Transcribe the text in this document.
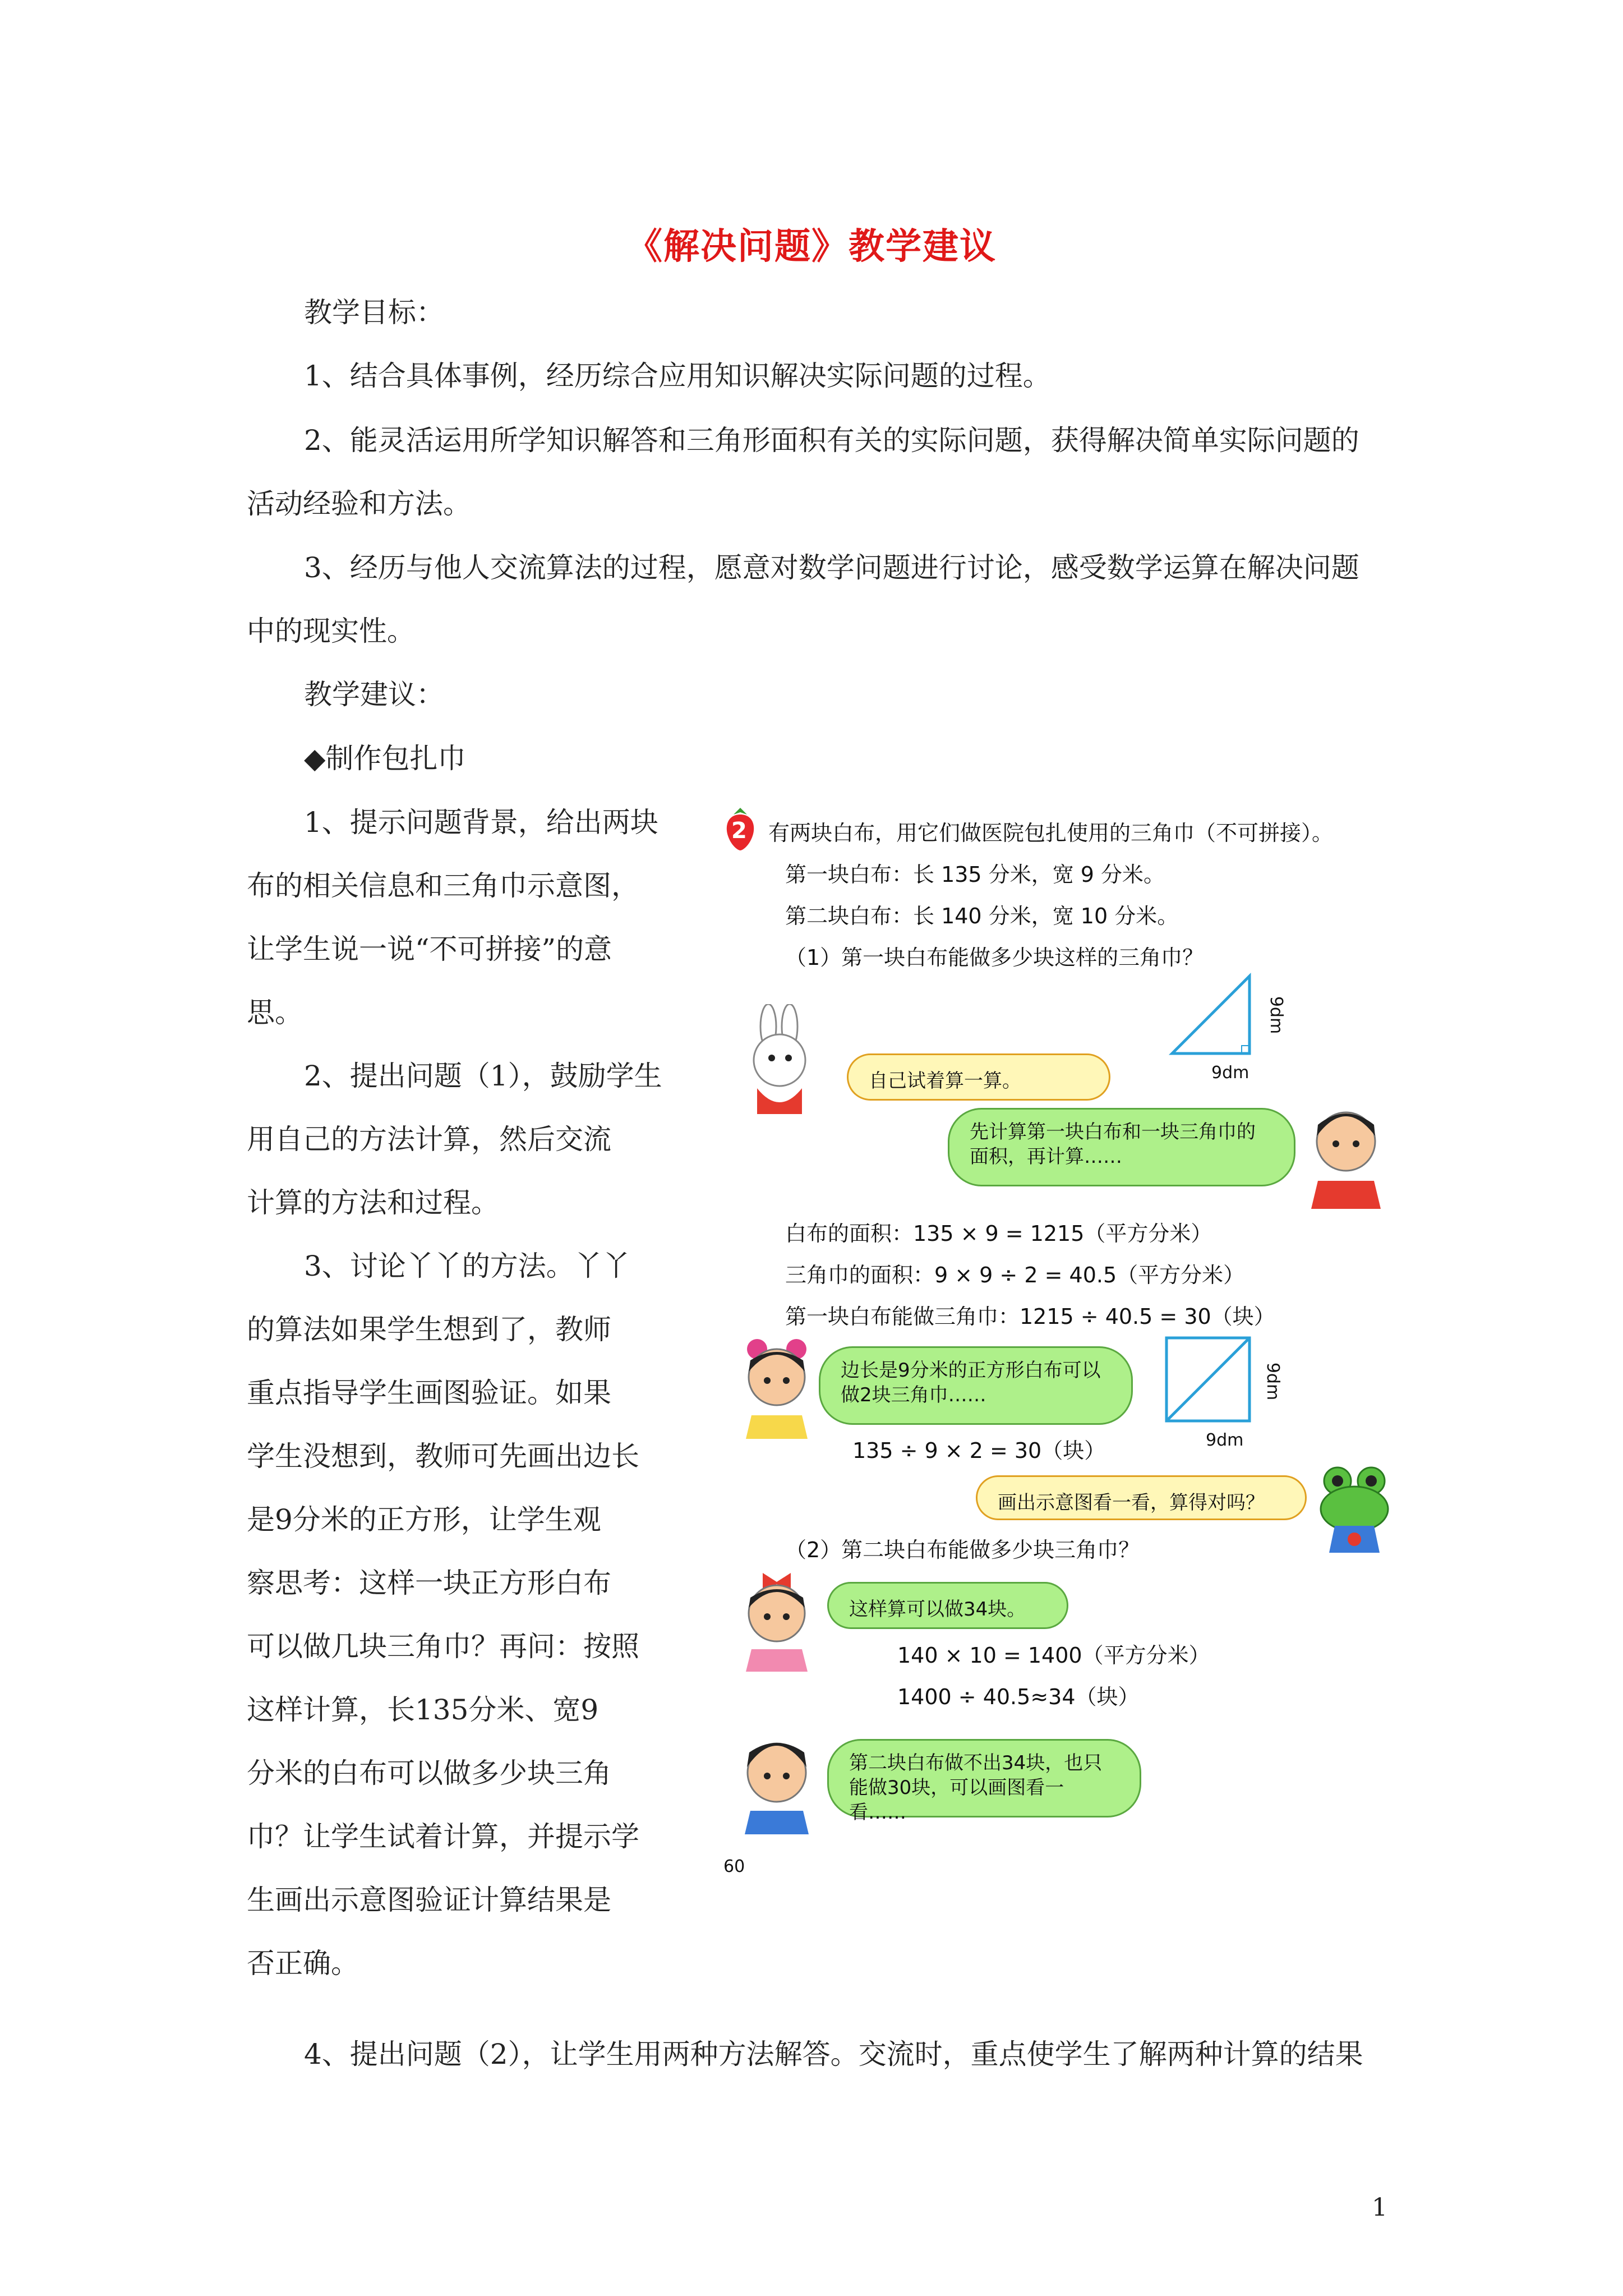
《解决问题》教学建议
教学目标：
1、结合具体事例，经历综合应用知识解决实际问题的过程。
2、能灵活运用所学知识解答和三角形面积有关的实际问题，获得解决简单实际问题的
活动经验和方法。
3、经历与他人交流算法的过程，愿意对数学问题进行讨论，感受数学运算在解决问题
中的现实性。
教学建议：
◆制作包扎巾
1、提示问题背景，给出两块
布的相关信息和三角巾示意图，
让学生说一说“不可拼接”的意
思。
2、提出问题（1），鼓励学生
用自己的方法计算，然后交流
计算的方法和过程。
3、讨论丫丫的方法。丫丫
的算法如果学生想到了，教师
重点指导学生画图验证。如果
学生没想到，教师可先画出边长
是9分米的正方形，让学生观
察思考：这样一块正方形白布
可以做几块三角巾？再问：按照
这样计算，长135分米、宽9
分米的白布可以做多少块三角
巾？让学生试着计算，并提示学
生画出示意图验证计算结果是
否正确。
2 有两块白布，用它们做医院包扎使用的三角巾（不可拼接）。
第一块白布：长 135 分米，宽 9 分米。
第二块白布：长 140 分米，宽 10 分米。
（1）第一块白布能做多少块这样的三角巾？
9dm
9dm
自己试着算一算。
先计算第一块白布和一块三角巾的面积，再计算……
白布的面积：135 × 9 = 1215（平方分米）
三角巾的面积：9 × 9 ÷ 2 = 40.5（平方分米）
第一块白布能做三角巾：1215 ÷ 40.5 = 30（块）
边长是9分米的正方形白布可以做2块三角巾……
9dm
9dm
135 ÷ 9 × 2 = 30（块）
画出示意图看一看，算得对吗？
（2）第二块白布能做多少块三角巾？
这样算可以做34块。
140 × 10 = 1400（平方分米）
1400 ÷ 40.5≈34（块）
第二块白布做不出34块，也只能做30块，可以画图看一看……
60
4、提出问题（2），让学生用两种方法解答。交流时，重点使学生了解两种计算的结果
1
